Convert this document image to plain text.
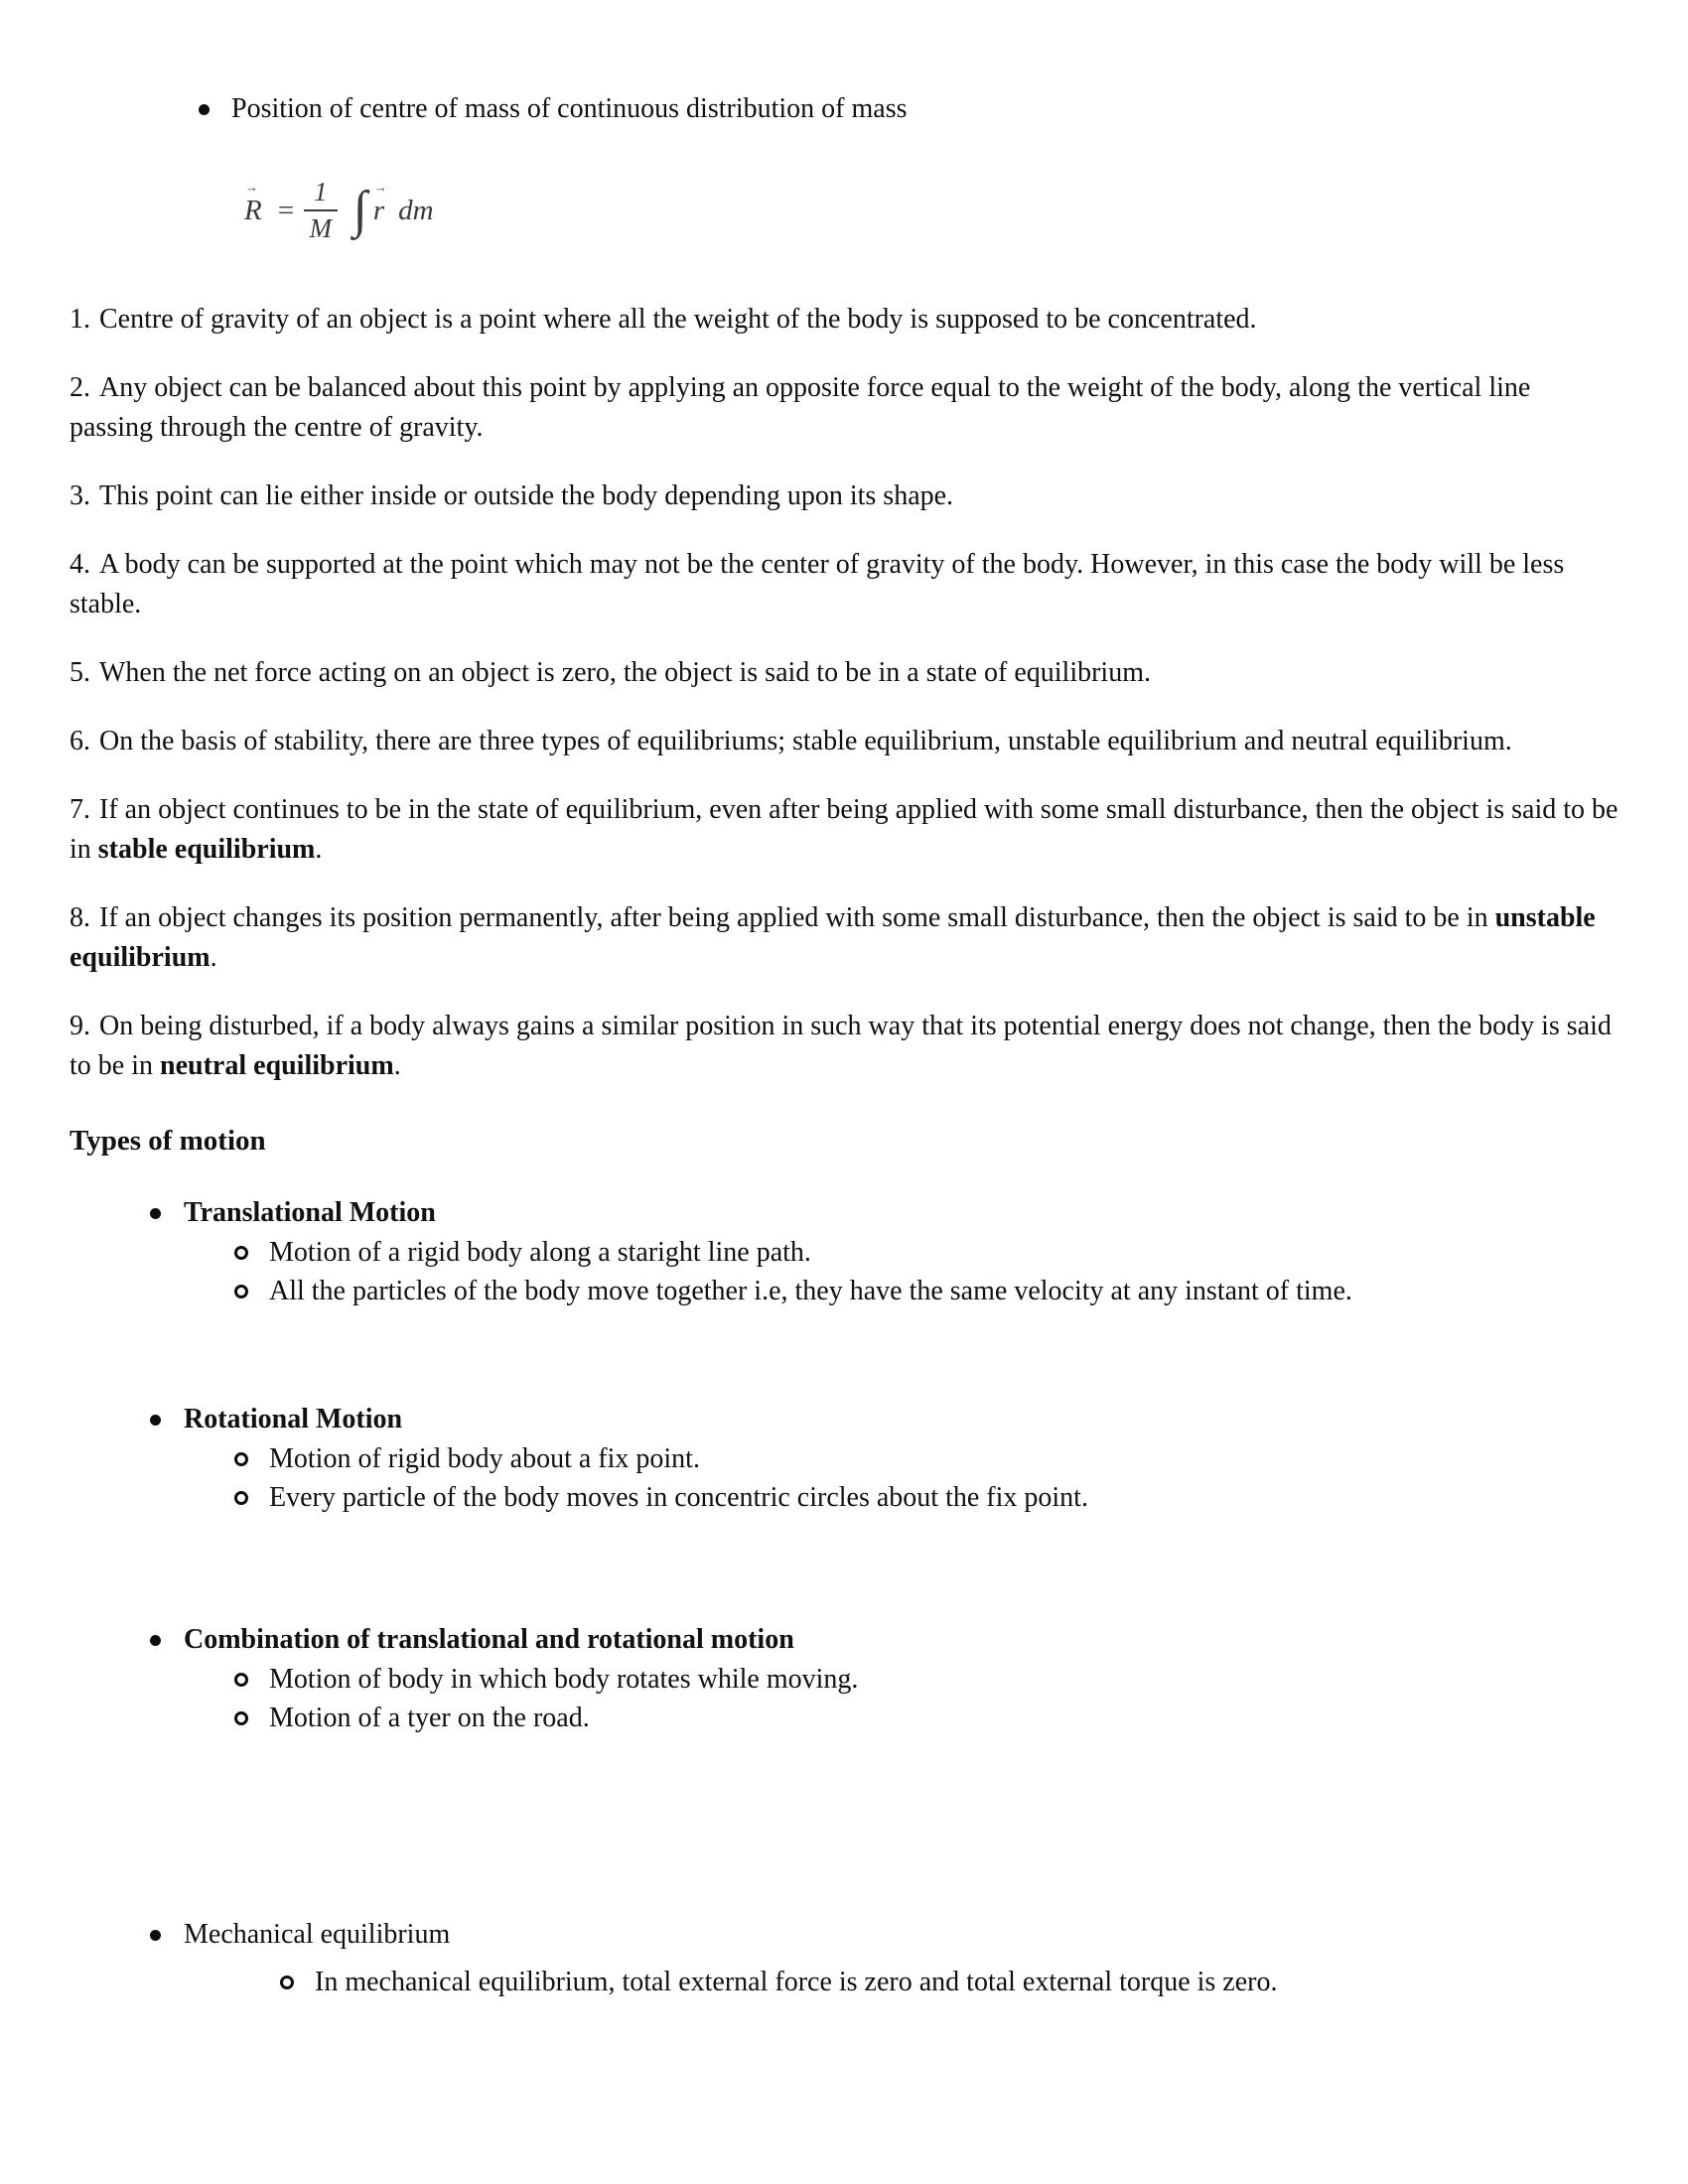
Position of centre of mass of continuous distribution of mass
→
$R = \frac{1}{M}$ ∫ →
r dm

1. Centre of gravity of an object is a point where all the weight of the body is supposed to be concentrated.

2. Any object can be balanced about this point by applying an opposite force equal to the weight of the body, along the vertical line passing through the centre of gravity.

3. This point can lie either inside or outside the body depending upon its shape.

4. A body can be supported at the point which may not be the center of gravity of the body. However, in this case the body will be less stable.

5. When the net force acting on an object is zero, the object is said to be in a state of equilibrium.

6. On the basis of stability, there are three types of equilibriums; stable equilibrium, unstable equilibrium and neutral equilibrium.

7. If an object continues to be in the state of equilibrium, even after being applied with some small disturbance, then the object is said to be in stable equilibrium.

8. If an object changes its position permanently, after being applied with some small disturbance, then the object is said to be in unstable equilibrium.

9. On being disturbed, if a body always gains a similar position in such way that its potential energy does not change, then the body is said to be in neutral equilibrium.

Types of motion
Translational Motion
Motion of a rigid body along a staright line path.
All the particles of the body move together i.e, they have the same velocity at any instant of time.
Rotational Motion
Motion of rigid body about a fix point.
Every particle of the body moves in concentric circles about the fix point.
Combination of translational and rotational motion
Motion of body in which body rotates while moving.
Motion of a tyer on the road.
Mechanical equilibrium
In mechanical equilibrium, total external force is zero and total external torque is zero.
